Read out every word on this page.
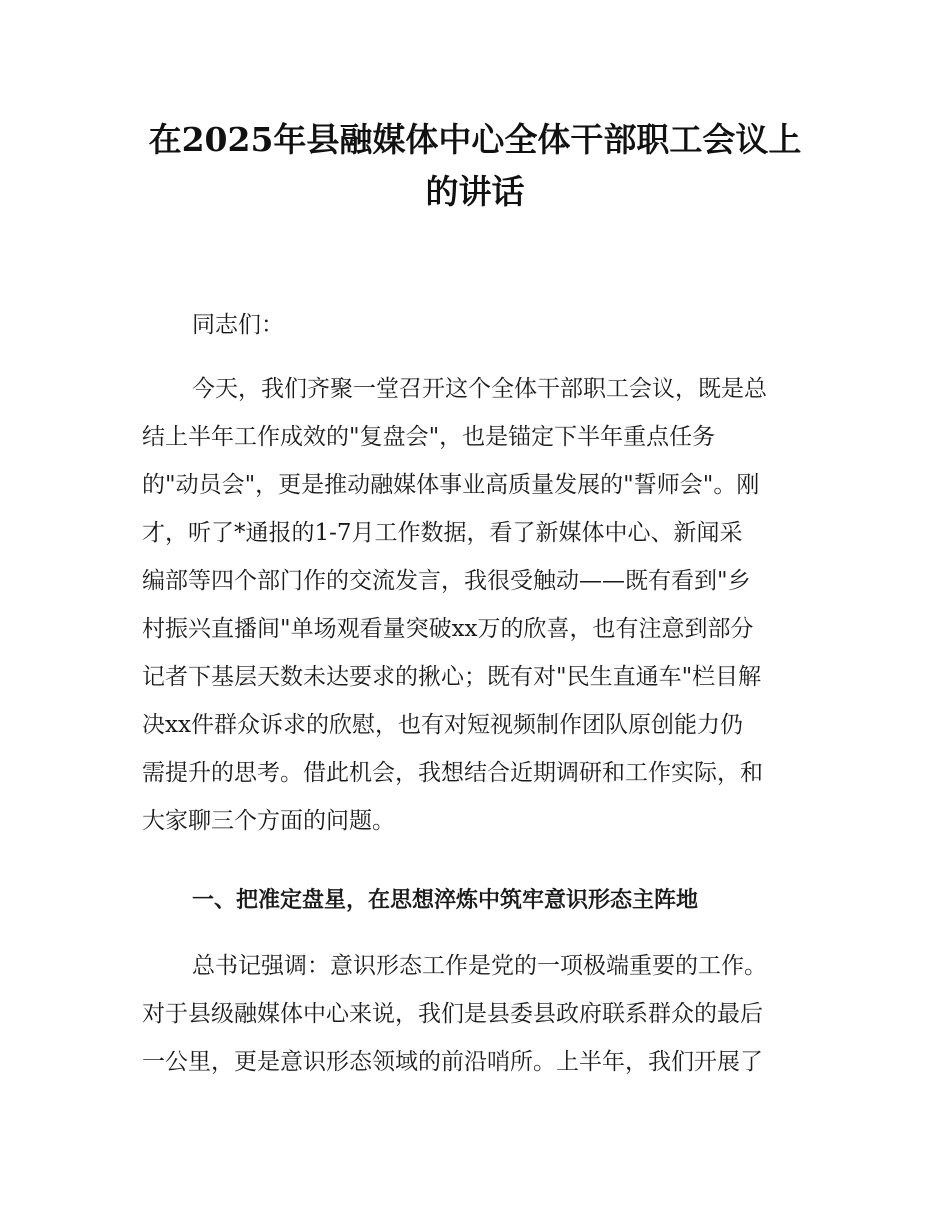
在2025年县融媒体中心全体干部职工会议上
的讲话
同志们：
今天，我们齐聚一堂召开这个全体干部职工会议，既是总
结上半年工作成效的"复盘会"，也是锚定下半年重点任务
的"动员会"，更是推动融媒体事业高质量发展的"誓师会"。刚
才，听了*通报的1-7月工作数据，看了新媒体中心、新闻采
编部等四个部门作的交流发言，我很受触动——既有看到"乡
村振兴直播间"单场观看量突破xx万的欣喜，也有注意到部分
记者下基层天数未达要求的揪心；既有对"民生直通车"栏目解
决xx件群众诉求的欣慰，也有对短视频制作团队原创能力仍
需提升的思考。借此机会，我想结合近期调研和工作实际，和
大家聊三个方面的问题。
一、把准定盘星，在思想淬炼中筑牢意识形态主阵地
总书记强调：意识形态工作是党的一项极端重要的工作。
对于县级融媒体中心来说，我们是县委县政府联系群众的最后
一公里，更是意识形态领域的前沿哨所。上半年，我们开展了
